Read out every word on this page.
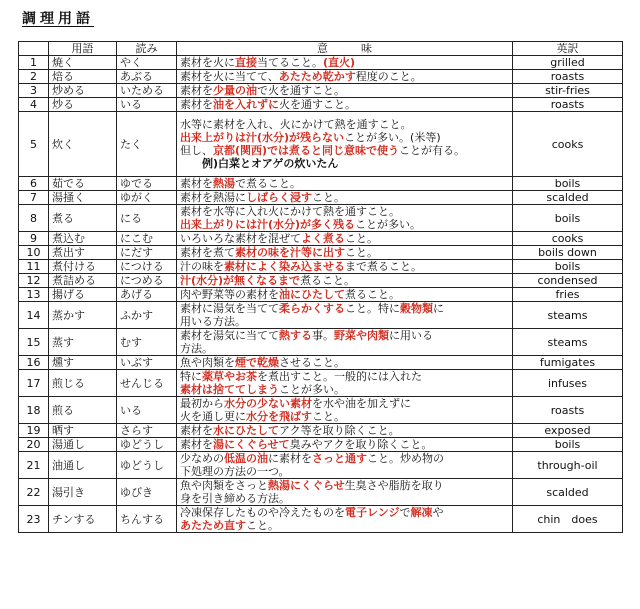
調理用語
	用語	読み	意　　　味	英訳
1	焼く	やく	素材を火に直接当てること。(直火)	grilled
2	焙る	あぶる	素材を火に当てて、あたため乾かす程度のこと。	roasts
3	炒める	いためる	素材を少量の油で火を通すこと。	stir-fries
4	炒る	いる	素材を油を入れずに火を通すこと。	roasts
5	炊く	たく	水等に素材を入れ、火にかけて熱を通すこと。
出来上がりは汁(水分)が残らないことが多い。(米等)
但し、京都(関西)では煮ると同じ意味で使うことが有る。
　　例)白菜とオアゲの炊いたん	cooks
6	茹でる	ゆでる	素材を熱湯で煮ること。	boils
7	湯掻く	ゆがく	素材を熱湯にしばらく浸すこと。	scalded
8	煮る	にる	素材を水等に入れ火にかけて熱を通すこと。
出来上がりには汁(水分)が多く残ることが多い。	boils
9	煮込む	にこむ	いろいろな素材を混ぜてよく煮ること。	cooks
10	煮出す	にだす	素材を煮て素材の味を汁等に出すこと。	boils down
11	煮付ける	につける	汁の味を素材によく染み込ませるまで煮ること。	boils
12	煮詰める	につめる	汁(水分)が無くなるまで煮ること。	condensed
13	揚げる	あげる	肉や野菜等の素材を油にひたして煮ること。	fries
14	蒸かす	ふかす	素材に湯気を当てて柔らかくすること。特に穀物類に
用いる方法。	steams
15	蒸す	むす	素材を湯気に当てて熱する事。野菜や肉類に用いる
方法。	steams
16	燻す	いぶす	魚や肉類を煙で乾燥させること。	fumigates
17	煎じる	せんじる	特に薬草やお茶を煮出すこと。一般的には入れた
素材は捨ててしまうことが多い。	infuses
18	煎る	いる	最初から水分の少ない素材を水や油を加えずに
火を通し更に水分を飛ばすこと。	roasts
19	晒す	さらす	素材を水にひたしてアク等を取り除くこと。	exposed
20	湯通し	ゆどうし	素材を湯にくぐらせて臭みやアクを取り除くこと。	boils
21	油通し	ゆどうし	少なめの低温の油に素材をさっと通すこと。炒め物の
下処理の方法の一つ。	through-oil
22	湯引き	ゆびき	魚や肉類をさっと熱湯にくぐらせ生臭さや脂肪を取り
身を引き締める方法。	scalded
23	チンする	ちんする	冷凍保存したものや冷えたものを電子レンジで解凍や
あたため直すこと。	chin　does
